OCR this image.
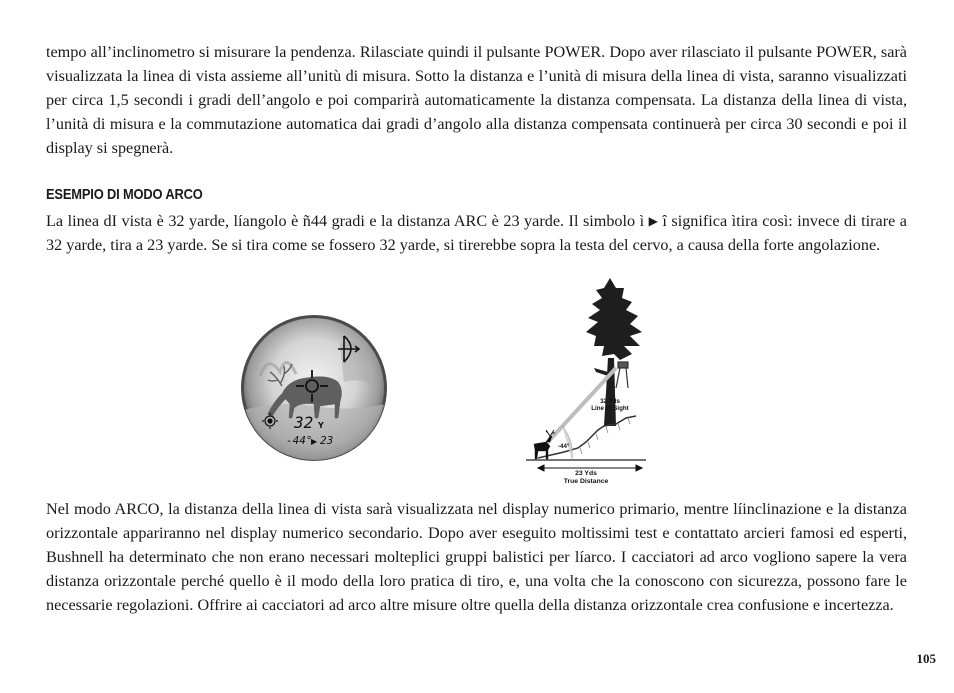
tempo all’inclinometro si misurare la pendenza. Rilasciate quindi il pulsante POWER. Dopo aver rilasciato il pulsante POWER, sarà visualizzata la linea di vista assieme all’unitù di misura. Sotto la distanza e l’unità di misura della linea di vista, saranno visualizzati per circa 1,5 secondi i gradi dell’angolo e poi comparirà automaticamente la distanza compensata. La distanza della linea di vista, l’unità di misura e la commutazione automatica dai gradi d’angolo alla distanza compensata continuerà per circa 30 secondi e poi il display si spegnerà.

ESEMPIO DI MODO ARCO

La linea dI vista è 32 yarde, líangolo è ñ44 gradi e la distanza ARC è 23 yarde. Il simbolo ì ▶ î significa ìtira così: invece di tirare a 32 yarde, tira a 23 yarde. Se si tira come se fossero 32 yarde, si tirerebbe sopra la testa del cervo, a causa della forte angolazione.

32 Y
-44°
▶ 23
32 Yds
Line of Sight
-44°
23 Yds
True Distance

Nel modo ARCO, la distanza della linea di vista sarà visualizzata nel display numerico primario, mentre líinclinazione e la distanza orizzontale appariranno nel display numerico secondario. Dopo aver eseguito moltissimi test e contattato arcieri famosi ed esperti, Bushnell ha determinato che non erano necessari molteplici gruppi balistici per líarco. I cacciatori ad arco vogliono sapere la vera distanza orizzontale perché quello è il modo della loro pratica di tiro, e, una volta che la conoscono con sicurezza, possono fare le necessarie regolazioni. Offrire ai cacciatori ad arco altre misure oltre quella della distanza orizzontale crea confusione e incertezza.

105
